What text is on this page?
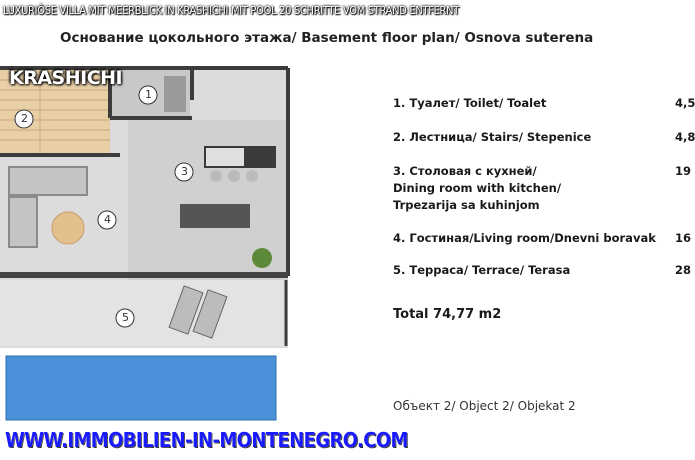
LUXURIÖSE VILLA MIT MEERBLICK IN KRASHICHI MIT POOL 20 SCHRITTE VOM STRAND ENTFERNT
Основание цокольного этажа/ Basement floor plan/ Osnova suterena
1
2
3
4
5
KRASHICHI
1. Туалет/ Toilet/ Toalet	4,5
2. Лестница/ Stairs/ Stepenice	4,8
3. Столовая с кухней/
Dining room with kitchen/
Trpezarija sa kuhinjom
19
4. Гостиная/Living room/Dnevni boravak 16
5. Терраса/ Terrace/ Terasa	28
Total 74,77 m2
Объект 2/ Object 2/ Objekat 2
WWW.IMMOBILIEN-IN-MONTENEGRO.COM
